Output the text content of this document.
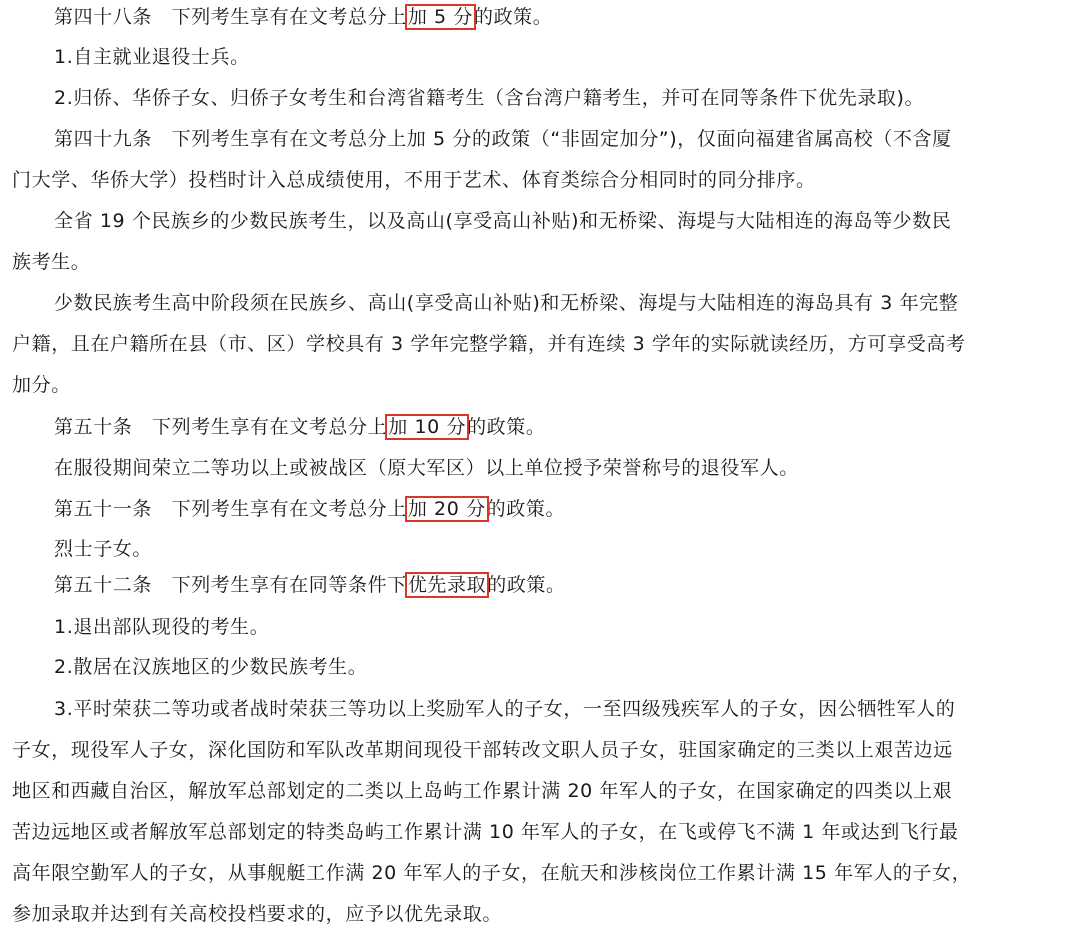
第四十八条　下列考生享有在文考总分上加 5 分的政策。
1.自主就业退役士兵。
2.归侨、华侨子女、归侨子女考生和台湾省籍考生（含台湾户籍考生，并可在同等条件下优先录取)。
第四十九条　下列考生享有在文考总分上加 5 分的政策（“非固定加分”)，仅面向福建省属高校（不含厦
门大学、华侨大学）投档时计入总成绩使用，不用于艺术、体育类综合分相同时的同分排序。
全省 19 个民族乡的少数民族考生，以及高山(享受高山补贴)和无桥梁、海堤与大陆相连的海岛等少数民
族考生。
少数民族考生高中阶段须在民族乡、高山(享受高山补贴)和无桥梁、海堤与大陆相连的海岛具有 3 年完整
户籍，且在户籍所在县（市、区）学校具有 3 学年完整学籍，并有连续 3 学年的实际就读经历，方可享受高考
加分。
第五十条　下列考生享有在文考总分上加 10 分的政策。
在服役期间荣立二等功以上或被战区（原大军区）以上单位授予荣誉称号的退役军人。
第五十一条　下列考生享有在文考总分上加 20 分的政策。
烈士子女。
第五十二条　下列考生享有在同等条件下优先录取的政策。
1.退出部队现役的考生。
2.散居在汉族地区的少数民族考生。
3.平时荣获二等功或者战时荣获三等功以上奖励军人的子女，一至四级残疾军人的子女，因公牺牲军人的
子女，现役军人子女，深化国防和军队改革期间现役干部转改文职人员子女，驻国家确定的三类以上艰苦边远
地区和西藏自治区，解放军总部划定的二类以上岛屿工作累计满 20 年军人的子女，在国家确定的四类以上艰
苦边远地区或者解放军总部划定的特类岛屿工作累计满 10 年军人的子女，在飞或停飞不满 1 年或达到飞行最
高年限空勤军人的子女，从事舰艇工作满 20 年军人的子女，在航天和涉核岗位工作累计满 15 年军人的子女，
参加录取并达到有关高校投档要求的，应予以优先录取。
